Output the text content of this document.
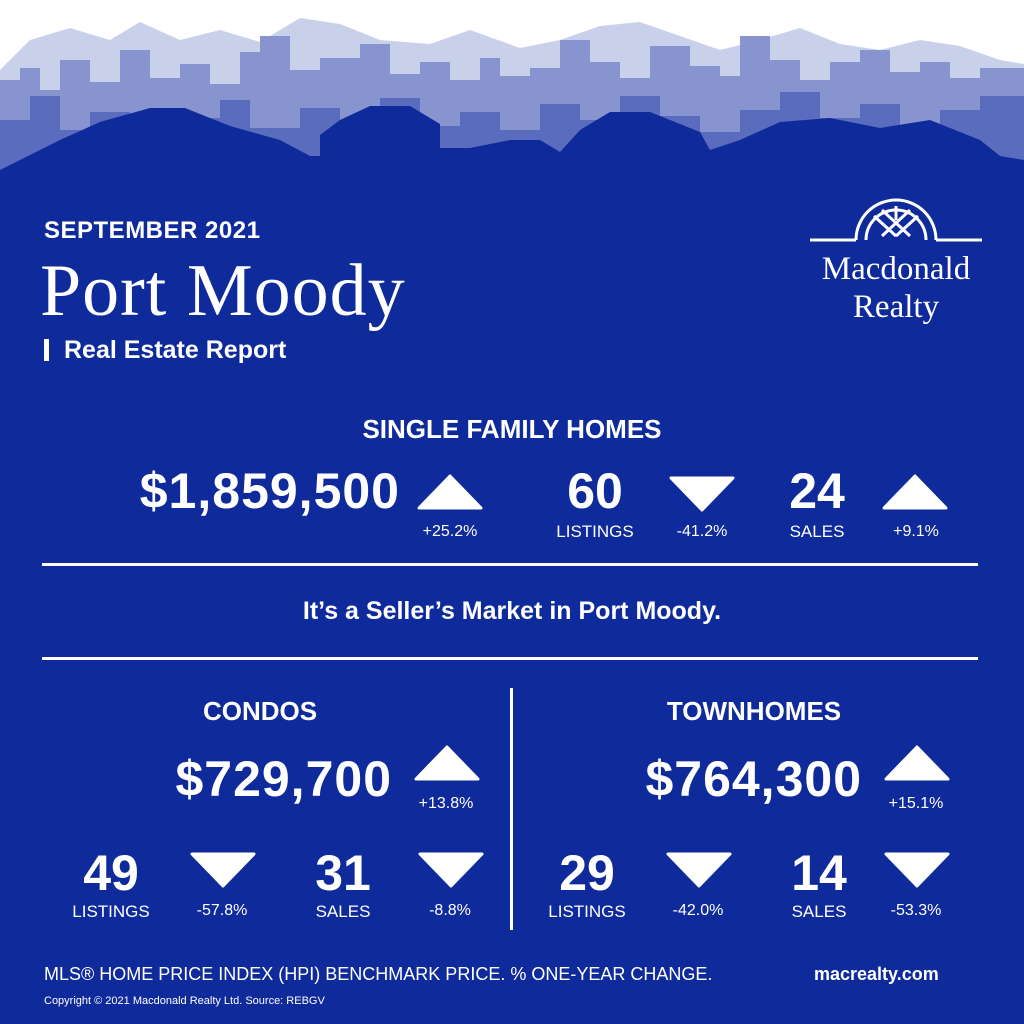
SEPTEMBER 2021
Port Moody
Real Estate Report
Macdonald
Realty
SINGLE FAMILY HOMES
$1,859,500
+25.2%
60
LISTINGS	-41.2%
24
SALES	+9.1%
It’s a Seller’s Market in Port Moody.
CONDOS
$729,700	+13.8%
49
LISTINGS	-57.8%
31
SALES	-8.8%
TOWNHOMES
$764,300	+15.1%
29
LISTINGS	-42.0%
14
SALES	-53.3%
MLS® HOME PRICE INDEX (HPI) BENCHMARK PRICE. % ONE-YEAR CHANGE.
Copyright © 2021 Macdonald Realty Ltd. Source: REBGV
macrealty.com
